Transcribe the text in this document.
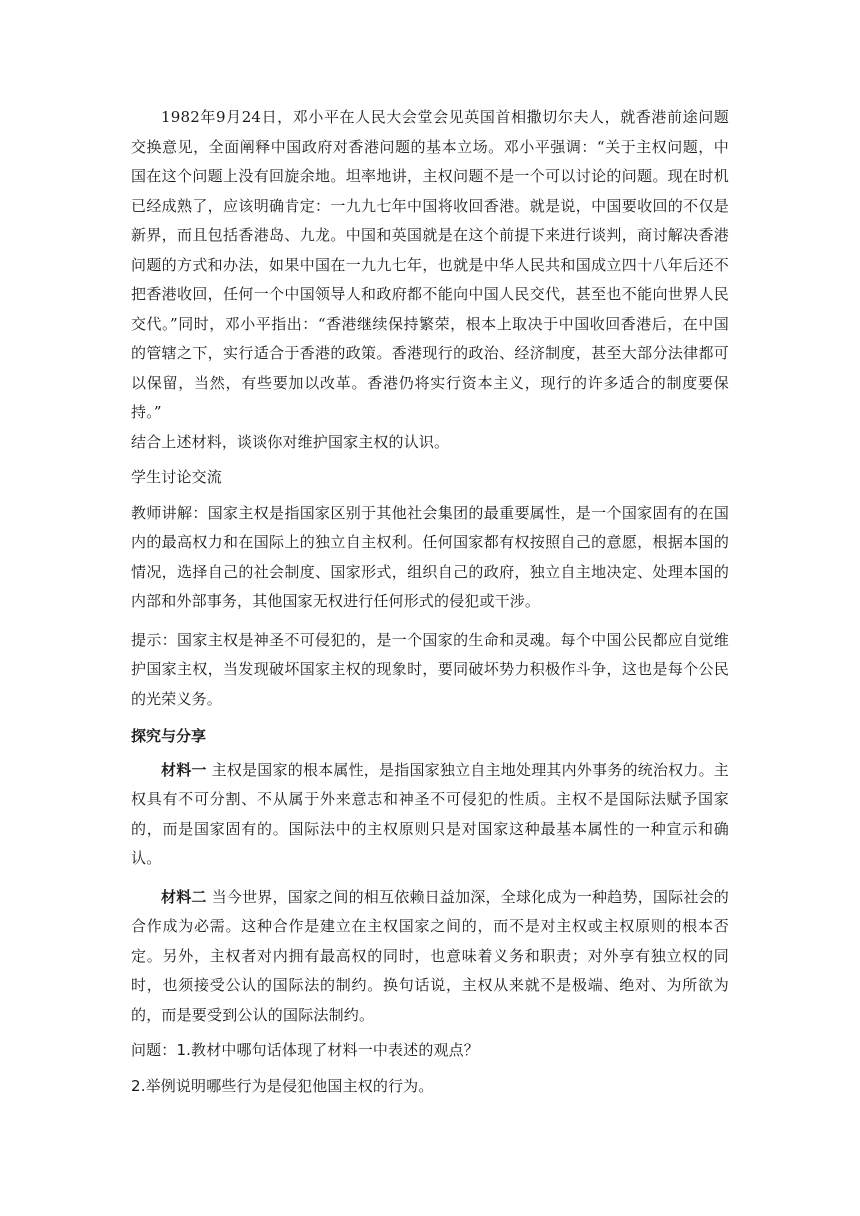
1982年9月24日，邓小平在人民大会堂会见英国首相撒切尔夫人，就香港前途问题交换意见，全面阐释中国政府对香港问题的基本立场。邓小平强调：“关于主权问题，中国在这个问题上没有回旋余地。坦率地讲，主权问题不是一个可以讨论的问题。现在时机已经成熟了，应该明确肯定：一九九七年中国将收回香港。就是说，中国要收回的不仅是新界，而且包括香港岛、九龙。中国和英国就是在这个前提下来进行谈判，商讨解决香港问题的方式和办法，如果中国在一九九七年，也就是中华人民共和国成立四十八年后还不把香港收回，任何一个中国领导人和政府都不能向中国人民交代，甚至也不能向世界人民交代。”同时，邓小平指出：“香港继续保持繁荣，根本上取决于中国收回香港后，在中国的管辖之下，实行适合于香港的政策。香港现行的政治、经济制度，甚至大部分法律都可以保留，当然，有些要加以改革。香港仍将实行资本主义，现行的许多适合的制度要保持。”

结合上述材料，谈谈你对维护国家主权的认识。

学生讨论交流

教师讲解：国家主权是指国家区别于其他社会集团的最重要属性，是一个国家固有的在国内的最高权力和在国际上的独立自主权利。任何国家都有权按照自己的意愿，根据本国的情况，选择自己的社会制度、国家形式，组织自己的政府，独立自主地决定、处理本国的内部和外部事务，其他国家无权进行任何形式的侵犯或干涉。

提示：国家主权是神圣不可侵犯的，是一个国家的生命和灵魂。每个中国公民都应自觉维护国家主权，当发现破坏国家主权的现象时，要同破坏势力积极作斗争，这也是每个公民的光荣义务。

探究与分享

材料一 主权是国家的根本属性，是指国家独立自主地处理其内外事务的统治权力。主权具有不可分割、不从属于外来意志和神圣不可侵犯的性质。主权不是国际法赋予国家的，而是国家固有的。国际法中的主权原则只是对国家这种最基本属性的一种宣示和确认。

材料二 当今世界，国家之间的相互依赖日益加深，全球化成为一种趋势，国际社会的合作成为必需。这种合作是建立在主权国家之间的，而不是对主权或主权原则的根本否定。另外，主权者对内拥有最高权的同时，也意味着义务和职责；对外享有独立权的同时，也须接受公认的国际法的制约。换句话说，主权从来就不是极端、绝对、为所欲为的，而是要受到公认的国际法制约。

问题：1.教材中哪句话体现了材料一中表述的观点？

2.举例说明哪些行为是侵犯他国主权的行为。
